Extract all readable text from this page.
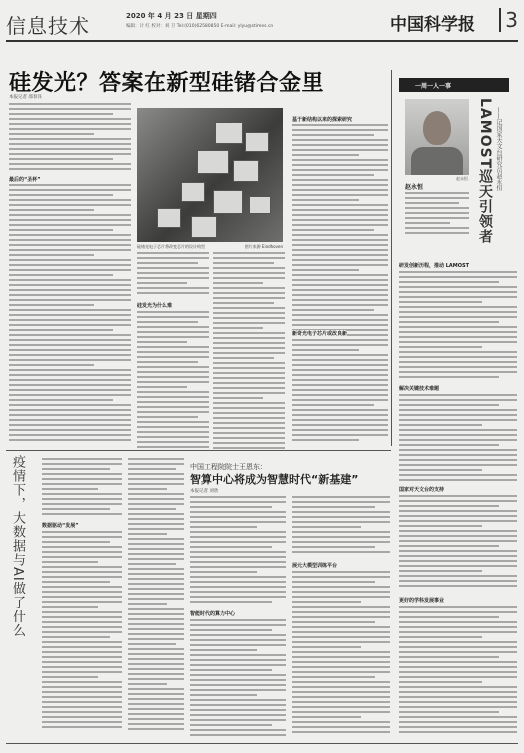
信息技术	2020 年 4 月 23 日 星期四
编辑：计 红 校对：刘 卫 Tel:(010)62580850 E-mail: ylyu@stimes.cn	中国科学报	3
硅发光？答案在新型硅锗合金里
本报记者 邵春泽
最后的“圣杯”
硅锗光电子芯片将改变芯片的设计构型	图片来源 Eindhoven
硅发光为什么难
基于新结构以来的探索研究
新奇光电子芯片或改良新
一周一人一事
LAMOST巡天引领者 ——记国家天文台研究员赵永恒
赵永恒
赵永恒
研发创新历程，推动 LAMOST
解决关键技术难题
国家对天文台的支持
更好的学科发展事业
疫情下，大数据与AI做了什么	数据驱动“发展”
中国工程院院士王恩东：
智算中心将成为智慧时代“新基建”
本报记者 刘欣
智能时代的算力中心
展元大模型训练平台
